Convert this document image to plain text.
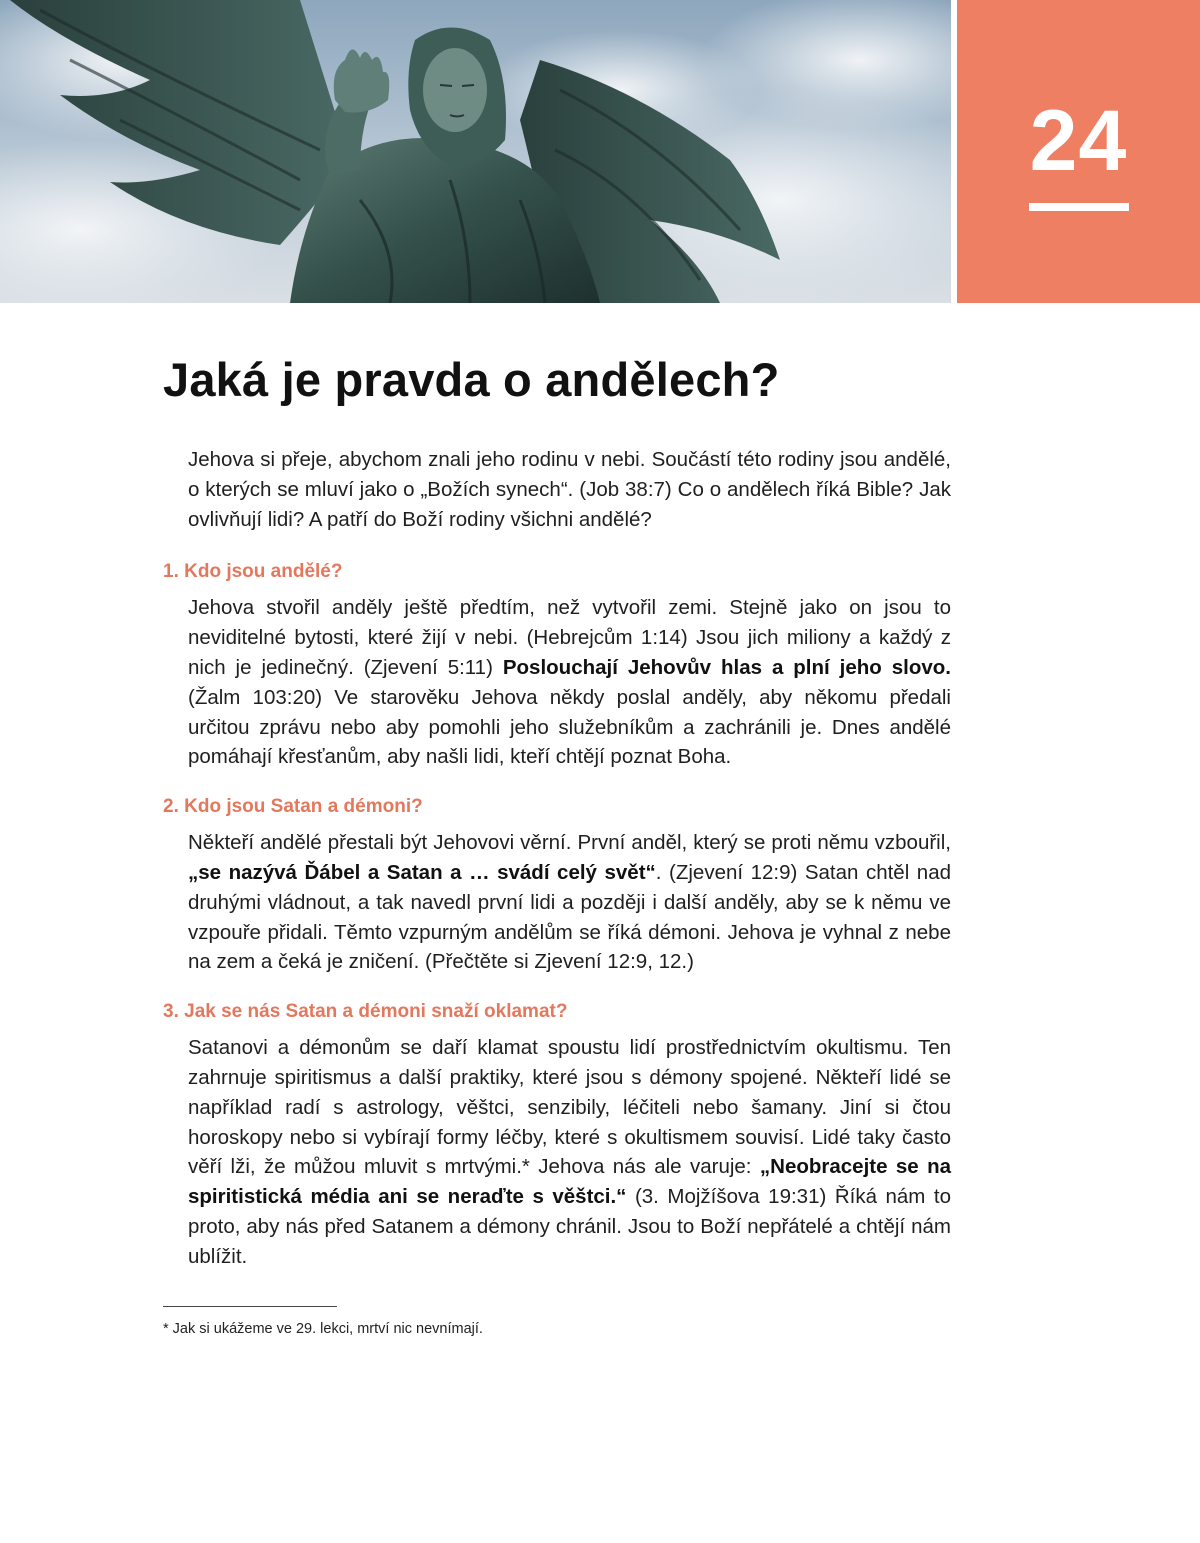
24
Jaká je pravda o andělech?

Jehova si přeje, abychom znali jeho rodinu v nebi. Součástí této rodiny jsou andělé, o kterých se mluví jako o „Božích synech“. (Job 38:7) Co o andělech říká Bible? Jak ovlivňují lidi? A patří do Boží rodiny všichni andělé?

1. Kdo jsou andělé?

Jehova stvořil anděly ještě předtím, než vytvořil zemi. Stejně jako on jsou to neviditelné bytosti, které žijí v nebi. (Hebrejcům 1:14) Jsou jich miliony a každý z nich je jedinečný. (Zjevení 5:11) Poslouchají Jehovův hlas a plní jeho slovo. (Žalm 103:20) Ve starověku Jehova někdy poslal anděly, aby někomu předali určitou zprávu nebo aby pomohli jeho služebníkům a zachránili je. Dnes andělé pomáhají křesťanům, aby našli lidi, kteří chtějí poznat Boha.

2. Kdo jsou Satan a démoni?

Někteří andělé přestali být Jehovovi věrní. První anděl, který se proti němu vzbouřil, „se nazývá Ďábel a Satan a … svádí celý svět“. (Zjevení 12:9) Satan chtěl nad druhými vládnout, a tak navedl první lidi a později i další anděly, aby se k němu ve vzpouře přidali. Těmto vzpurným andělům se říká démoni. Jehova je vyhnal z nebe na zem a čeká je zničení. (Přečtěte si Zjevení 12:9, 12.)

3. Jak se nás Satan a démoni snaží oklamat?

Satanovi a démonům se daří klamat spoustu lidí prostřednictvím okultismu. Ten zahrnuje spiritismus a další praktiky, které jsou s démony spojené. Někteří lidé se například radí s astrology, věštci, senzibily, léčiteli nebo šamany. Jiní si čtou horoskopy nebo si vybírají formy léčby, které s okultismem souvisí. Lidé taky často věří lži, že můžou mluvit s mrtvými.* Jehova nás ale varuje: „Neobracejte se na spiritistická média ani se neraďte s věštci.“ (3. Mojžíšova 19:31) Říká nám to proto, aby nás před Satanem a démony chránil. Jsou to Boží nepřátelé a chtějí nám ublížit.

* Jak si ukážeme ve 29. lekci, mrtví nic nevnímají.
